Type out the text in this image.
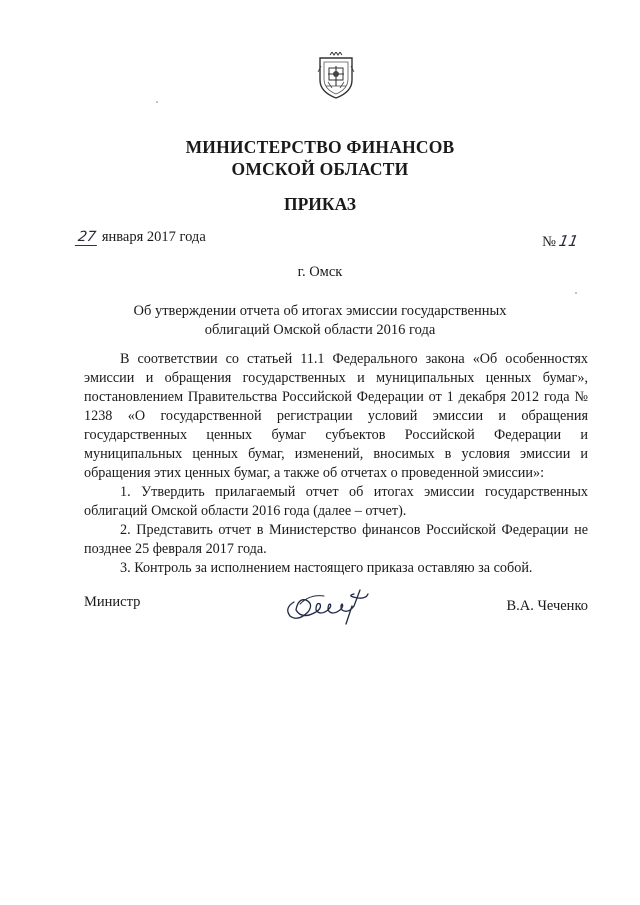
МИНИСТЕРСТВО ФИНАНСОВ
ОМСКОЙ ОБЛАСТИ
ПРИКАЗ
27 января 2017 года	№11
г. Омск
Об утверждении отчета об итогах эмиссии государственных
облигаций Омской области 2016 года

В соответствии со статьей 11.1 Федерального закона «Об особенностях эмиссии и обращения государственных и муниципальных ценных бумаг», постановлением Правительства Российской Федерации от 1 декабря 2012 года № 1238 «О государственной регистрации условий эмиссии и обращения государственных ценных бумаг субъектов Российской Федерации и муниципальных ценных бумаг, изменений, вносимых в условия эмиссии и обращения этих ценных бумаг, а также об отчетах о проведенной эмиссии»:

1. Утвердить прилагаемый отчет об итогах эмиссии государственных облигаций Омской области 2016 года (далее – отчет).

2. Представить отчет в Министерство финансов Российской Федерации не позднее 25 февраля 2017 года.

3. Контроль за исполнением настоящего приказа оставляю за собой.

Министр	В.А. Чеченко
